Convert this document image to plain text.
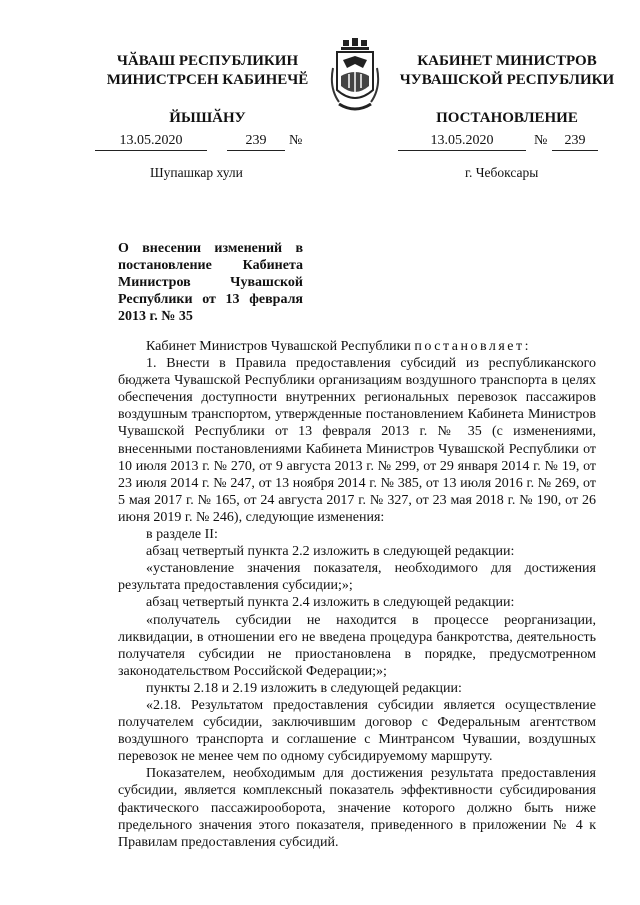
ЧӐВАШ РЕСПУБЛИКИН
МИНИСТРСЕН КАБИНЕЧӖ
ЙЫШӐНУ
КАБИНЕТ МИНИСТРОВ
ЧУВАШСКОЙ РЕСПУБЛИКИ
ПОСТАНОВЛЕНИЕ
13.05.2020	239	№	13.05.2020	№	239
Шупашкар хули	г. Чебоксары
О внесении изменений в постановление Кабинета Министров Чувашской Республики от 13 февраля 2013 г. № 35

Кабинет Министров Чувашской Республики постановляет:

1. Внести в Правила предоставления субсидий из республиканского бюджета Чувашской Республики организациям воздушного транспорта в целях обеспечения доступности внутренних региональных перевозок пассажиров воздушным транспортом, утвержденные постановлением Кабинета Министров Чувашской Республики от 13 февраля 2013 г. № 35 (с изменениями, внесенными постановлениями Кабинета Министров Чувашской Республики от 10 июля 2013 г. № 270, от 9 августа 2013 г. № 299, от 29 января 2014 г. № 19, от 23 июля 2014 г. № 247, от 13 ноября 2014 г. № 385, от 13 июля 2016 г. № 269, от 5 мая 2017 г. № 165, от 24 августа 2017 г. № 327, от 23 мая 2018 г. № 190, от 26 июня 2019 г. № 246), следующие изменения:

в разделе II:

абзац четвертый пункта 2.2 изложить в следующей редакции:

«установление значения показателя, необходимого для достижения результата предоставления субсидии;»;

абзац четвертый пункта 2.4 изложить в следующей редакции:

«получатель субсидии не находится в процессе реорганизации, ликвидации, в отношении его не введена процедура банкротства, деятельность получателя субсидии не приостановлена в порядке, предусмотренном законодательством Российской Федерации;»;

пункты 2.18 и 2.19 изложить в следующей редакции:

«2.18. Результатом предоставления субсидии является осуществление получателем субсидии, заключившим договор с Федеральным агентством воздушного транспорта и соглашение с Минтрансом Чувашии, воздушных перевозок не менее чем по одному субсидируемому маршруту.

Показателем, необходимым для достижения результата предоставления субсидии, является комплексный показатель эффективности субсидирования фактического пассажирооборота, значение которого должно быть ниже предельного значения этого показателя, приведенного в приложении № 4 к Правилам предоставления субсидий.
